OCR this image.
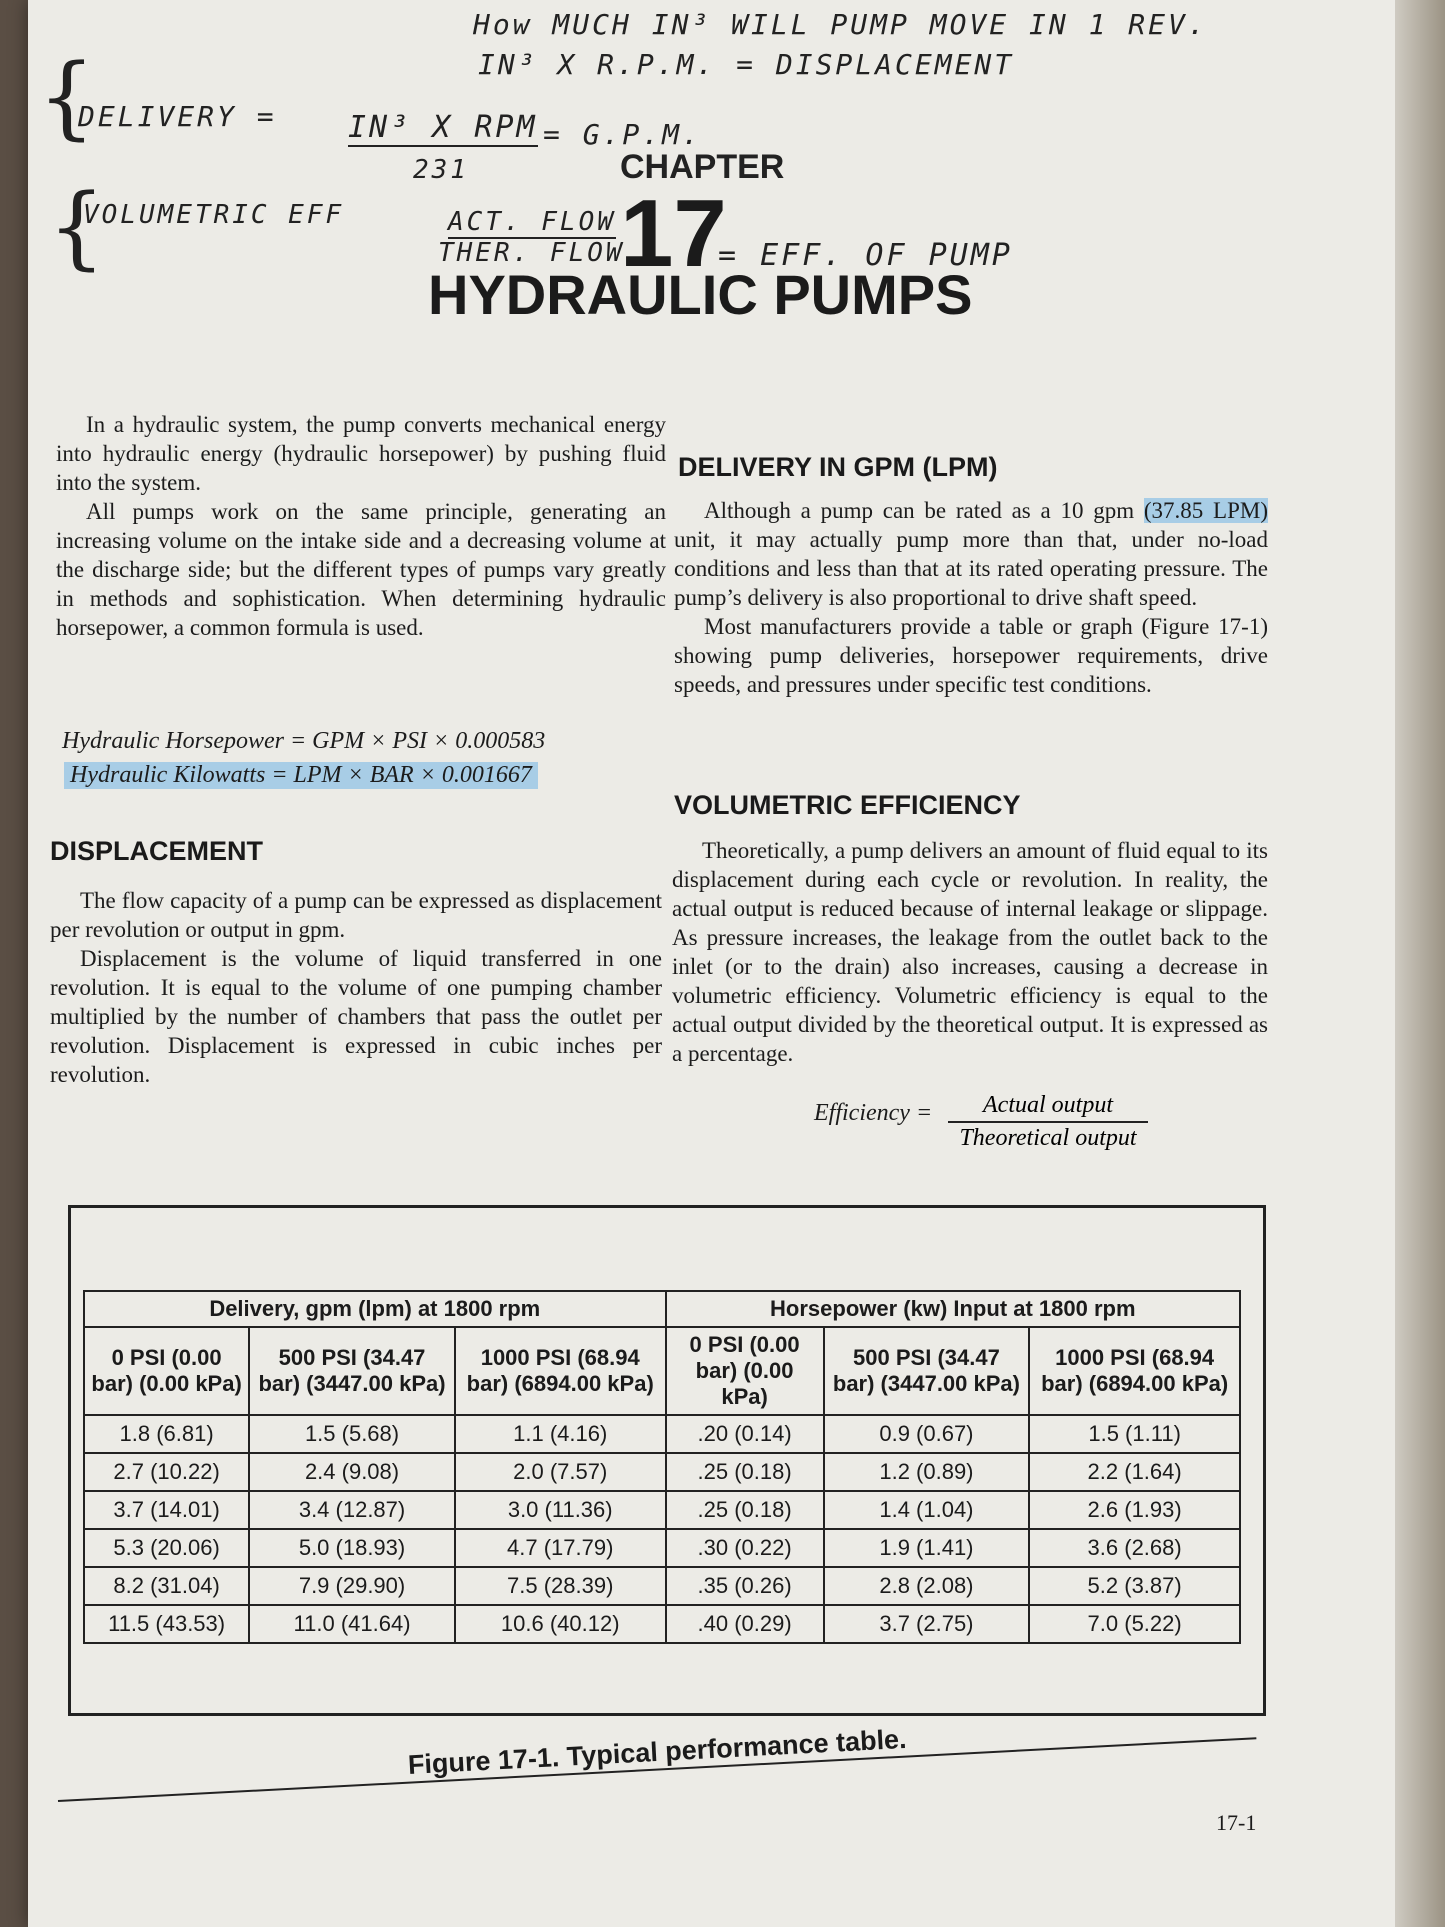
How MUCH IN³ WILL PUMP MOVE IN 1 REV.
IN³ X R.P.M. = DISPLACEMENT
{
DELIVERY = IN³ X RPM
231
= G.P.M.
{
VOLUMETRIC EFF	ACT. FLOW
THER. FLOW	= EFF. OF PUMP
CHAPTER
17
HYDRAULIC PUMPS

In a hydraulic system, the pump converts mechanical energy into hydraulic energy (hydraulic horsepower) by pushing fluid into the system.

All pumps work on the same principle, generating an increasing volume on the intake side and a decreasing volume at the discharge side; but the different types of pumps vary greatly in methods and sophistication. When determining hydraulic horsepower, a common formula is used.

Hydraulic Horsepower = GPM × PSI × 0.000583
Hydraulic Kilowatts = LPM × BAR × 0.001667
DISPLACEMENT

The flow capacity of a pump can be expressed as displacement per revolution or output in gpm.

Displacement is the volume of liquid transferred in one revolution. It is equal to the volume of one pumping chamber multiplied by the number of chambers that pass the outlet per revolution. Displacement is expressed in cubic inches per revolution.

DELIVERY IN GPM (LPM)

Although a pump can be rated as a 10 gpm (37.85 LPM) unit, it may actually pump more than that, under no-load conditions and less than that at its rated operating pressure. The pump’s delivery is also proportional to drive shaft speed.

Most manufacturers provide a table or graph (Figure 17-1) showing pump deliveries, horsepower requirements, drive speeds, and pressures under specific test conditions.

VOLUMETRIC EFFICIENCY

Theoretically, a pump delivers an amount of fluid equal to its displacement during each cycle or revolution. In reality, the actual output is reduced because of internal leakage or slippage. As pressure increases, the leakage from the outlet back to the inlet (or to the drain) also increases, causing a decrease in volumetric efficiency. Volumetric efficiency is equal to the actual output divided by the theoretical output. It is expressed as a percentage.

Efficiency =	Actual output
Theoretical output
Delivery, gpm (lpm) at 1800 rpm			Horsepower (kw) Input at 1800 rpm		
0 PSI (0.00 bar) (0.00 kPa)	500 PSI (34.47 bar) (3447.00 kPa)	1000 PSI (68.94 bar) (6894.00 kPa)	0 PSI (0.00 bar) (0.00 kPa)	500 PSI (34.47 bar) (3447.00 kPa)	1000 PSI (68.94 bar) (6894.00 kPa)
1.8 (6.81)	1.5 (5.68)	1.1 (4.16)	.20 (0.14)	0.9 (0.67)	1.5 (1.11)
2.7 (10.22)	2.4 (9.08)	2.0 (7.57)	.25 (0.18)	1.2 (0.89)	2.2 (1.64)
3.7 (14.01)	3.4 (12.87)	3.0 (11.36)	.25 (0.18)	1.4 (1.04)	2.6 (1.93)
5.3 (20.06)	5.0 (18.93)	4.7 (17.79)	.30 (0.22)	1.9 (1.41)	3.6 (2.68)
8.2 (31.04)	7.9 (29.90)	7.5 (28.39)	.35 (0.26)	2.8 (2.08)	5.2 (3.87)
11.5 (43.53)	11.0 (41.64)	10.6 (40.12)	.40 (0.29)	3.7 (2.75)	7.0 (5.22)
Figure 17-1. Typical performance table.
17-1
